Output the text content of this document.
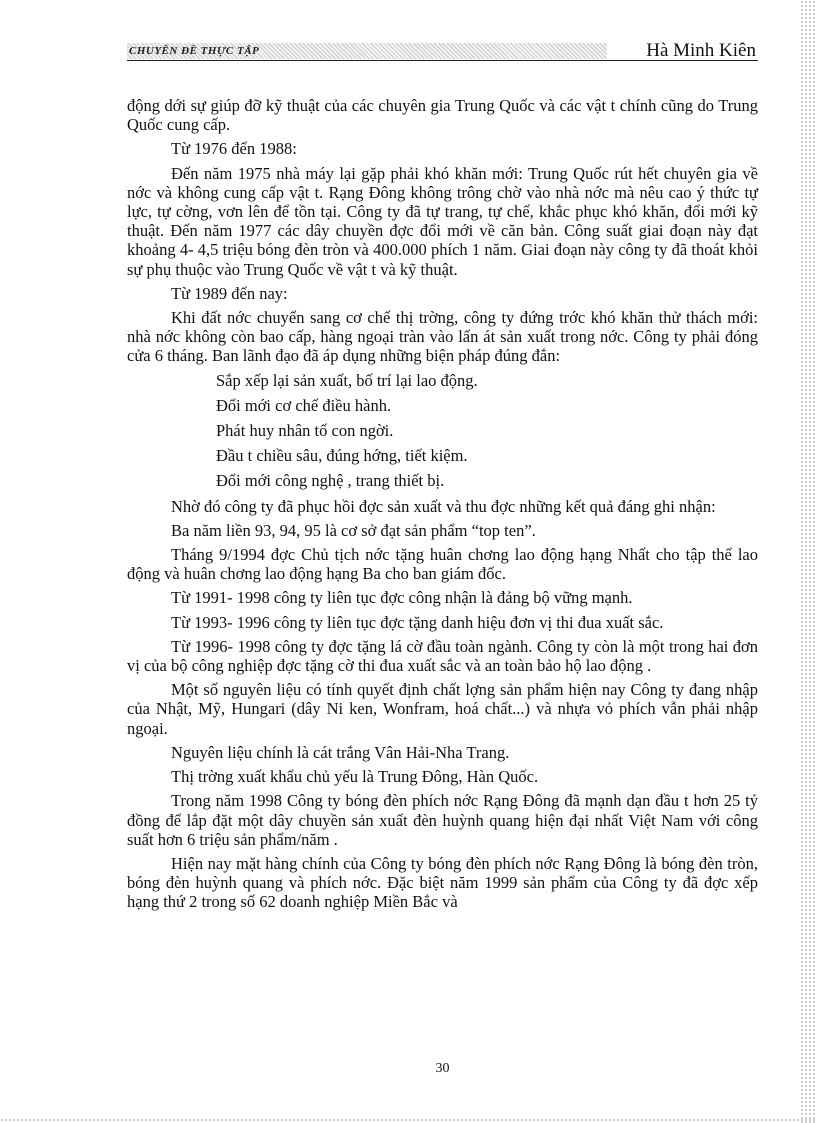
CHUYÊN ĐỀ THỰC TẬP	Hà Minh Kiên

động dới sự giúp đỡ kỹ thuật của các chuyên gia Trung Quốc và các vật t chính cũng do Trung Quốc cung cấp.

Từ 1976 đến 1988:

Đến năm 1975 nhà máy lại gặp phải khó khăn mới: Trung Quốc rút hết chuyên gia về nớc và không cung cấp vật t. Rạng Đông không trông chờ vào nhà nớc mà nêu cao ý thức tự lực, tự cờng, vơn lên để tồn tại. Công ty đã tự trang, tự chế, khắc phục khó khăn, đổi mới kỹ thuật. Đến năm 1977 các dây chuyền đợc đổi mới về căn bản. Công suất giai đoạn này đạt khoảng 4- 4,5 triệu bóng đèn tròn và 400.000 phích 1 năm. Giai đoạn này công ty đã thoát khỏi sự phụ thuộc vào Trung Quốc về vật t và kỹ thuật.

Từ 1989 đến nay:

Khi đất nớc chuyển sang cơ chế thị trờng, công ty đứng trớc khó khăn thử thách mới: nhà nớc không còn bao cấp, hàng ngoại tràn vào lấn át sản xuất trong nớc. Công ty phải đóng cửa 6 tháng. Ban lãnh đạo đã áp dụng những biện pháp đúng đắn:

Sắp xếp lại sản xuất, bố trí lại lao động.

Đổi mới cơ chế điều hành.

Phát huy nhân tố con ngời.

Đầu t chiều sâu, đúng hớng, tiết kiệm.

Đổi mới công nghệ , trang thiết bị.

Nhờ đó công ty đã phục hồi đợc sản xuất và thu đợc những kết quả đáng ghi nhận:

Ba năm liền 93, 94, 95 là cơ sở đạt sản phẩm “top ten”.

Tháng 9/1994 đợc Chủ tịch nớc tặng huân chơng lao động hạng Nhất cho tập thể lao động và huân chơng lao động hạng Ba cho ban giám đốc.

Từ 1991- 1998 công ty liên tục đợc công nhận là đảng bộ vững mạnh.

Từ 1993- 1996 công ty liên tục đợc tặng danh hiệu đơn vị thi đua xuất sắc.

Từ 1996- 1998 công ty đợc tặng lá cờ đầu toàn ngành. Công ty còn là một trong hai đơn vị của bộ công nghiệp đợc tặng cờ thi đua xuất sắc và an toàn bảo hộ lao động .

Một số nguyên liệu có tính quyết định chất lợng sản phẩm hiện nay Công ty đang nhập của Nhật, Mỹ, Hungari (dây Ni ken, Wonfram, hoá chất...) và nhựa vỏ phích vẫn phải nhập ngoại.

Nguyên liệu chính là cát trắng Vân Hải-Nha Trang.

Thị trờng xuất khẩu chủ yếu là Trung Đông, Hàn Quốc.

Trong năm 1998 Công ty bóng đèn phích nớc Rạng Đông đã mạnh dạn đầu t hơn 25 tỷ đồng để lắp đặt một dây chuyền sản xuất đèn huỳnh quang hiện đại nhất Việt Nam với công suất hơn 6 triệu sản phẩm/năm .

Hiện nay mặt hàng chính của Công ty bóng đèn phích nớc Rạng Đông là bóng đèn tròn, bóng đèn huỳnh quang và phích nớc. Đặc biệt năm 1999 sản phẩm của Công ty đã đợc xếp hạng thứ 2 trong số 62 doanh nghiệp Miền Bắc và

30
